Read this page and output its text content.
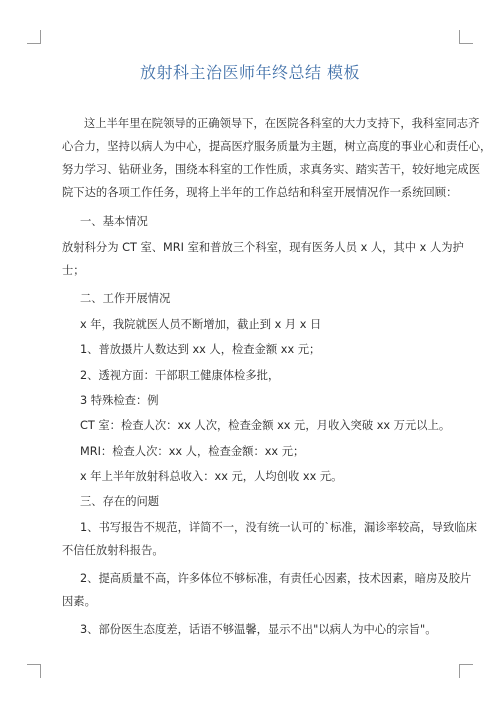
放射科主治医师年终总结 模板
这上半年里在院领导的正确领导下，在医院各科室的大力支持下，我科室同志齐
心合力，坚持以病人为中心，提高医疗服务质量为主题，树立高度的事业心和责任心，
努力学习、钻研业务，围绕本科室的工作性质，求真务实、踏实苦干，较好地完成医
院下达的各项工作任务，现将上半年的工作总结和科室开展情况作一系统回顾：
一、基本情况
放射科分为 CT 室、MRI 室和普放三个科室，现有医务人员 x 人，其中 x 人为护
士；
二、工作开展情况
x 年，我院就医人员不断增加，截止到 x 月 x 日
1、普放摄片人数达到 xx 人，检查金额 xx 元；
2、透视方面：干部职工健康体检多批，
3 特殊检查：例
CT 室：检查人次：xx 人次，检查金额 xx 元，月收入突破 xx 万元以上。
MRI：检查人次：xx 人，检查金额：xx 元；
x 年上半年放射科总收入：xx 元，人均创收 xx 元。
三、存在的问题
1、书写报告不规范，详简不一，没有统一认可的`标准，漏诊率较高，导致临床
不信任放射科报告。
2、提高质量不高，许多体位不够标准，有责任心因素，技术因素，暗房及胶片
因素。
3、部份医生态度差，话语不够温馨，显示不出"以病人为中心的宗旨"。
